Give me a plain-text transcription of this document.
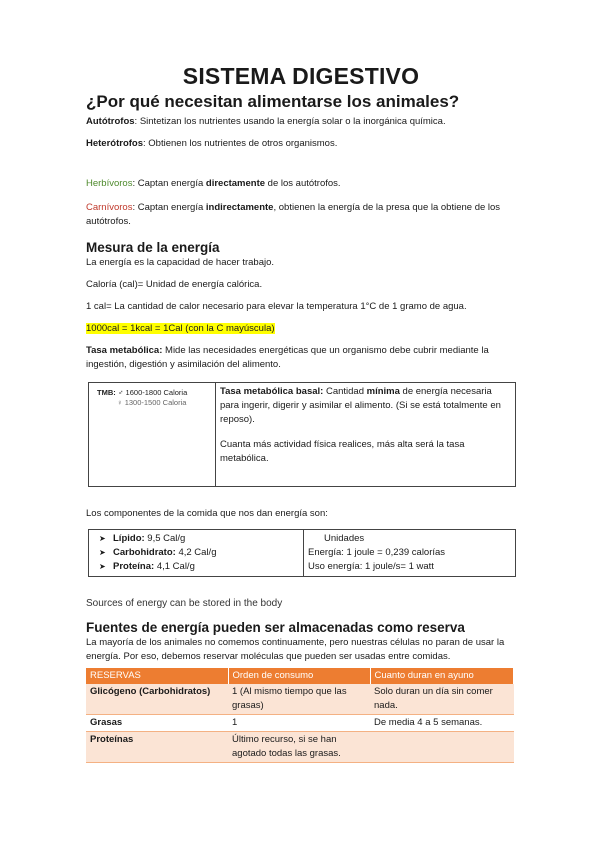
SISTEMA DIGESTIVO
¿Por qué necesitan alimentarse los animales?

Autótrofos: Sintetizan los nutrientes usando la energía solar o la inorgánica química.

Heterótrofos: Obtienen los nutrientes de otros organismos.

Herbívoros: Captan energía directamente de los autótrofos.

Carnívoros: Captan energía indirectamente, obtienen la energía de la presa que la obtiene de los autótrofos.

Mesura de la energía

La energía es la capacidad de hacer trabajo.

Caloría (cal)= Unidad de energía calórica.

1 cal= La cantidad de calor necesario para elevar la temperatura 1°C de 1 gramo de agua.

1000cal = 1kcal = 1Cal (con la C mayúscula)

Tasa metabólica: Mide las necesidades energéticas que un organismo debe cubrir mediante la ingestión, digestión y asimilación del alimento.

TMB: ♂ 1600-1800 Caloria
♀ 1300-1500 Caloria

Tasa metabólica basal: Cantidad mínima de energía necesaria para ingerir, digerir y asimilar el alimento. (Si se está totalmente en reposo).
Cuanta más actividad física realices, más alta será la tasa metabólica.

Los componentes de la comida que nos dan energía son:

➤ Lípido: 9,5 Cal/g
➤ Carbohidrato: 4,2 Cal/g
➤ Proteína: 4,1 Cal/g

Unidades
Energía: 1 joule = 0,239 calorías
Uso energía: 1 joule/s= 1 watt

Sources of energy can be stored in the body

Fuentes de energía pueden ser almacenadas como reserva

La mayoría de los animales no comemos continuamente, pero nuestras células no paran de usar la energía. Por eso, debemos reservar moléculas que pueden ser usadas entre comidas.

RESERVAS	Orden de consumo	Cuanto duran en ayuno
Glicógeno (Carbohidratos)	1 (Al mismo tiempo que las grasas)	Solo duran un día sin comer nada.
Grasas	1	De media 4 a 5 semanas.
Proteínas	Último recurso, si se han agotado todas las grasas.	
